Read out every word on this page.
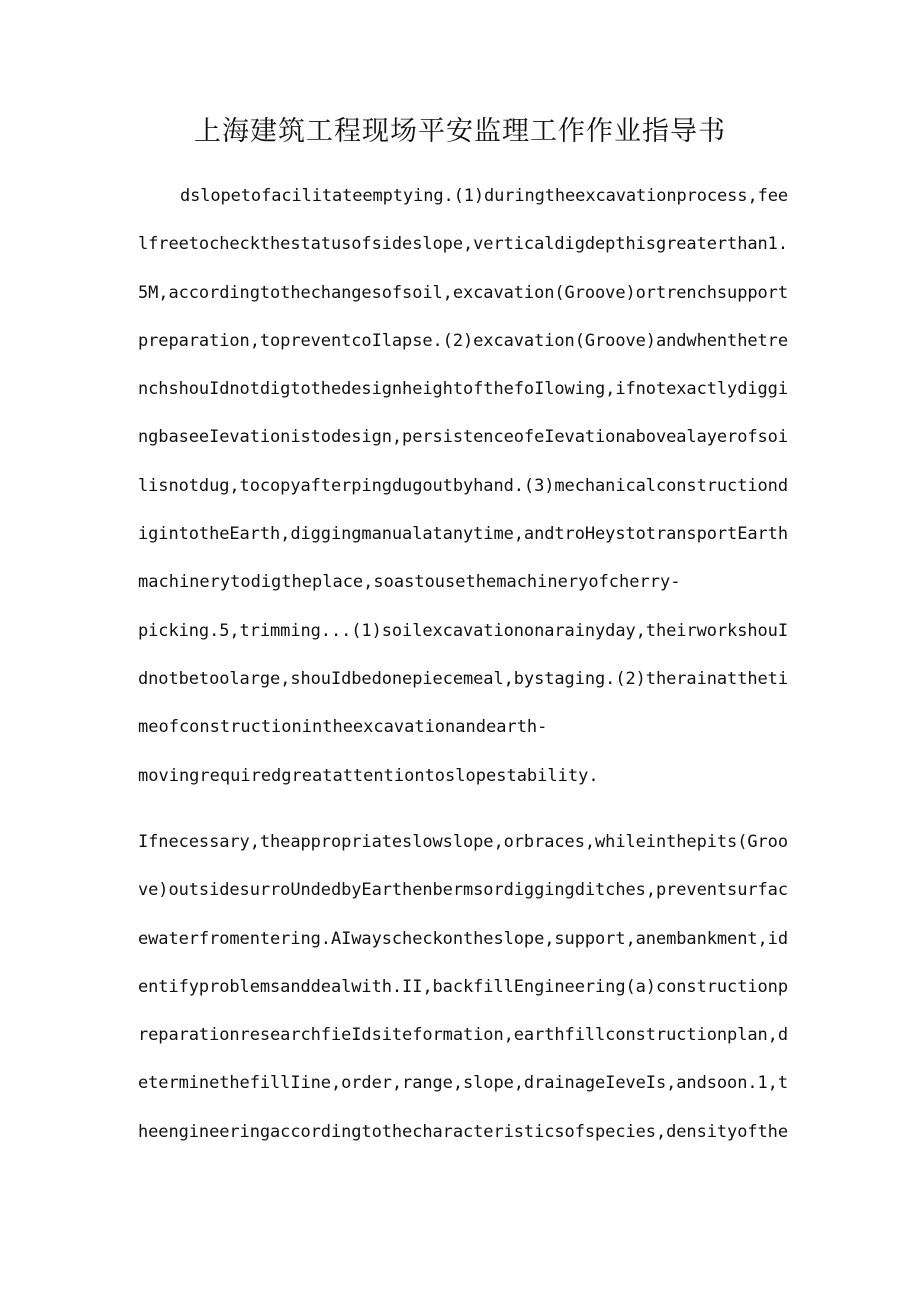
上海建筑工程现场平安监理工作作业指导书
dslopetofacilitateemptying.(1)duringtheexcavationprocess,fee
lfreetocheckthestatusofsideslope,verticaldigdepthisgreaterthan1.
5M,accordingtothechangesofsoil,excavation(Groove)ortrenchsupport
preparation,topreventcoIlapse.(2)excavation(Groove)andwhenthetre
nchshouIdnotdigtothedesignheightofthefoIlowing,ifnotexactlydiggi
ngbaseeIevationistodesign,persistenceofeIevationabovealayerofsoi
lisnotdug,tocopyafterpingdugoutbyhand.(3)mechanicalconstructiond
igintotheEarth,diggingmanualatanytime,andtroHeystotransportEarth
machinerytodigtheplace,soastousethemachineryofcherry-
picking.5,trimming...(1)soilexcavationonarainyday,theirworkshouI
dnotbetoolarge,shouIdbedonepiecemeal,bystaging.(2)therainattheti
meofconstructionintheexcavationandearth-
movingrequiredgreatattentiontoslopestability.
Ifnecessary,theappropriateslowslope,orbraces,whileinthepits(Groo
ve)outsidesurroUndedbyEarthenbermsordiggingditches,preventsurfac
ewaterfromentering.AIwayscheckontheslope,support,anembankment,id
entifyproblemsanddealwith.II,backfillEngineering(a)constructionp
reparationresearchfieIdsiteformation,earthfillconstructionplan,d
eterminethefillIine,order,range,slope,drainageIeveIs,andsoon.1,t
heengineeringaccordingtothecharacteristicsofspecies,densityofthe
